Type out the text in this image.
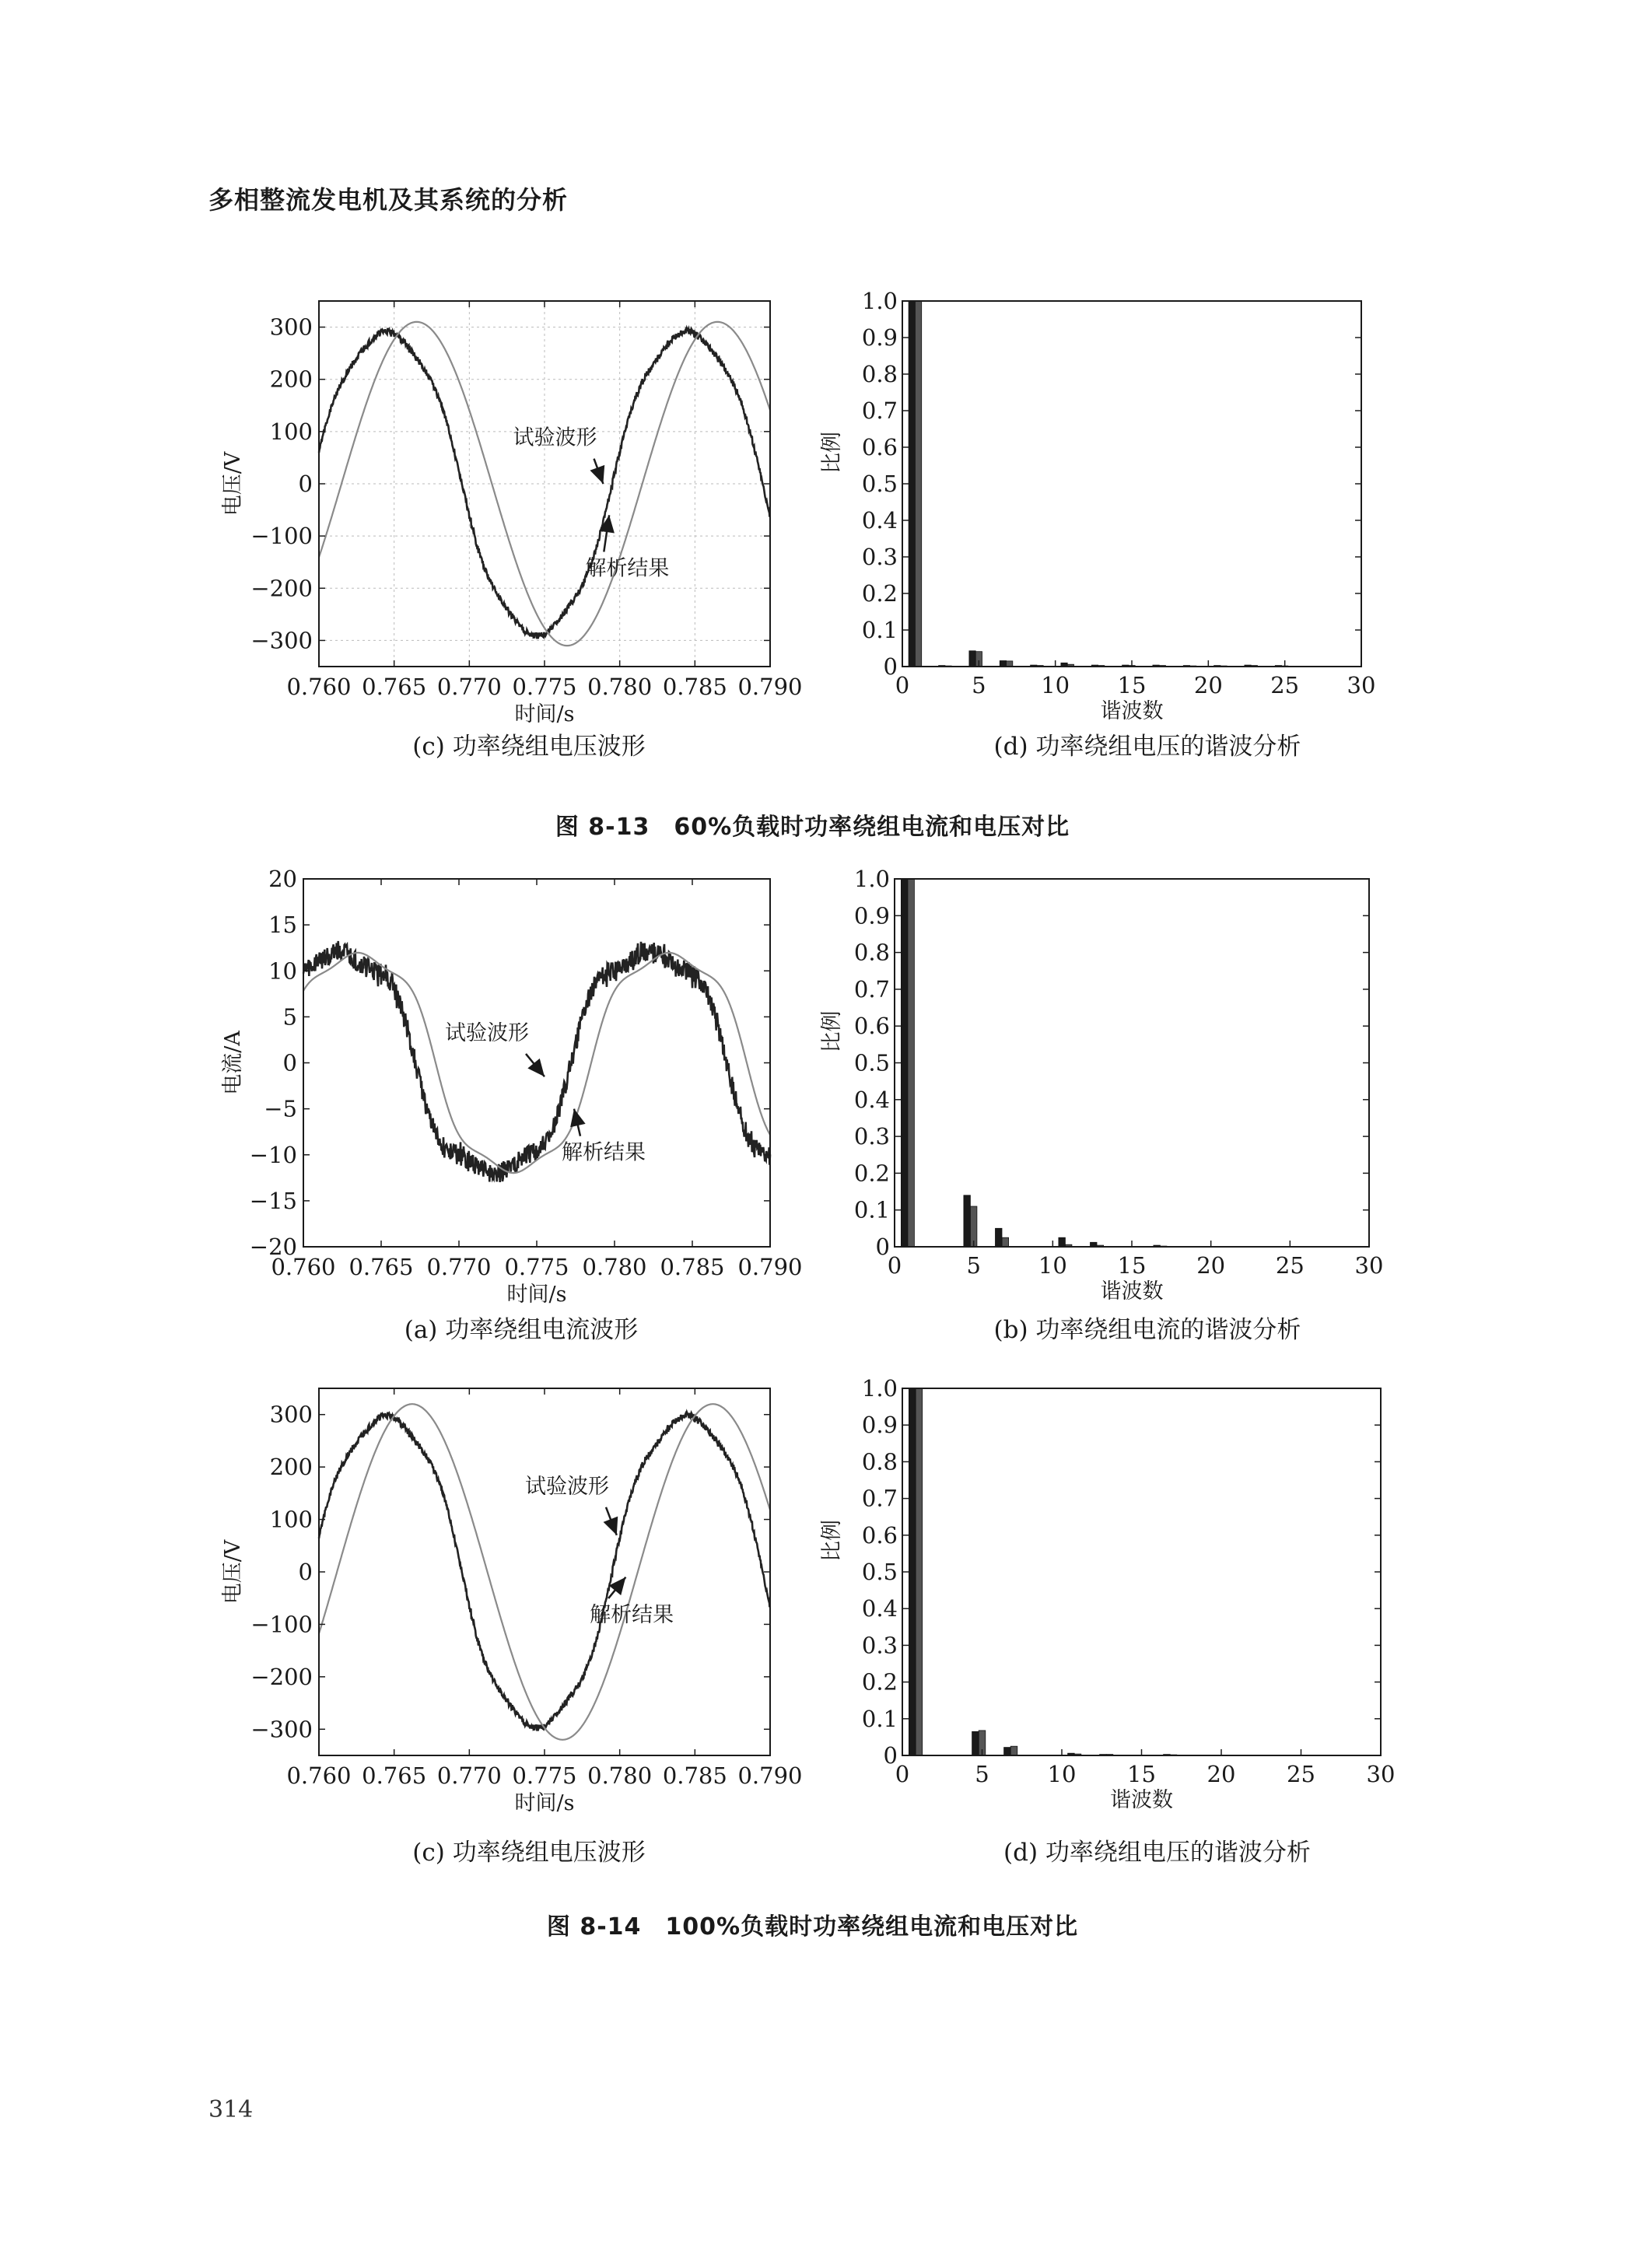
多相整流发电机及其系统的分析
0.760 0.765 0.770 0.775 0.780 0.785 0.790
300
200
100
0
−100
−200
−300
时间/s
电压/V
试验波形
解析结果
(c) 功率绕组电压波形
0	5 10 15 20 25 30
0
0.1
0.2
0.3
0.4
0.5
0.6
0.7
0.8
0.9
1.0
谐波数
比例
(d) 功率绕组电压的谐波分析
图 8-13　60%负载时功率绕组电流和电压对比
0.760 0.765 0.770 0.775 0.780 0.785 0.790
20
15
10
5
0
−5
−10
−15
−20
时间/s
电流/A	试验波形
解析结果
(a) 功率绕组电流波形
0	5	10 15 20 25 30
0
0.1
0.2
0.3
0.4
0.5
0.6
0.7
0.8
0.9
1.0
谐波数
比例
(b) 功率绕组电流的谐波分析
0.760 0.765 0.770 0.775 0.780 0.785 0.790
300
200
100
0
−100
−200
−300
时间/s
电压/V
试验波形
解析结果
(c) 功率绕组电压波形
0	5	10 15 20 25 30
0
0.1
0.2
0.3
0.4
0.5
0.6
0.7
0.8
0.9
1.0
谐波数
比例
(d) 功率绕组电压的谐波分析
图 8-14　100%负载时功率绕组电流和电压对比
314
